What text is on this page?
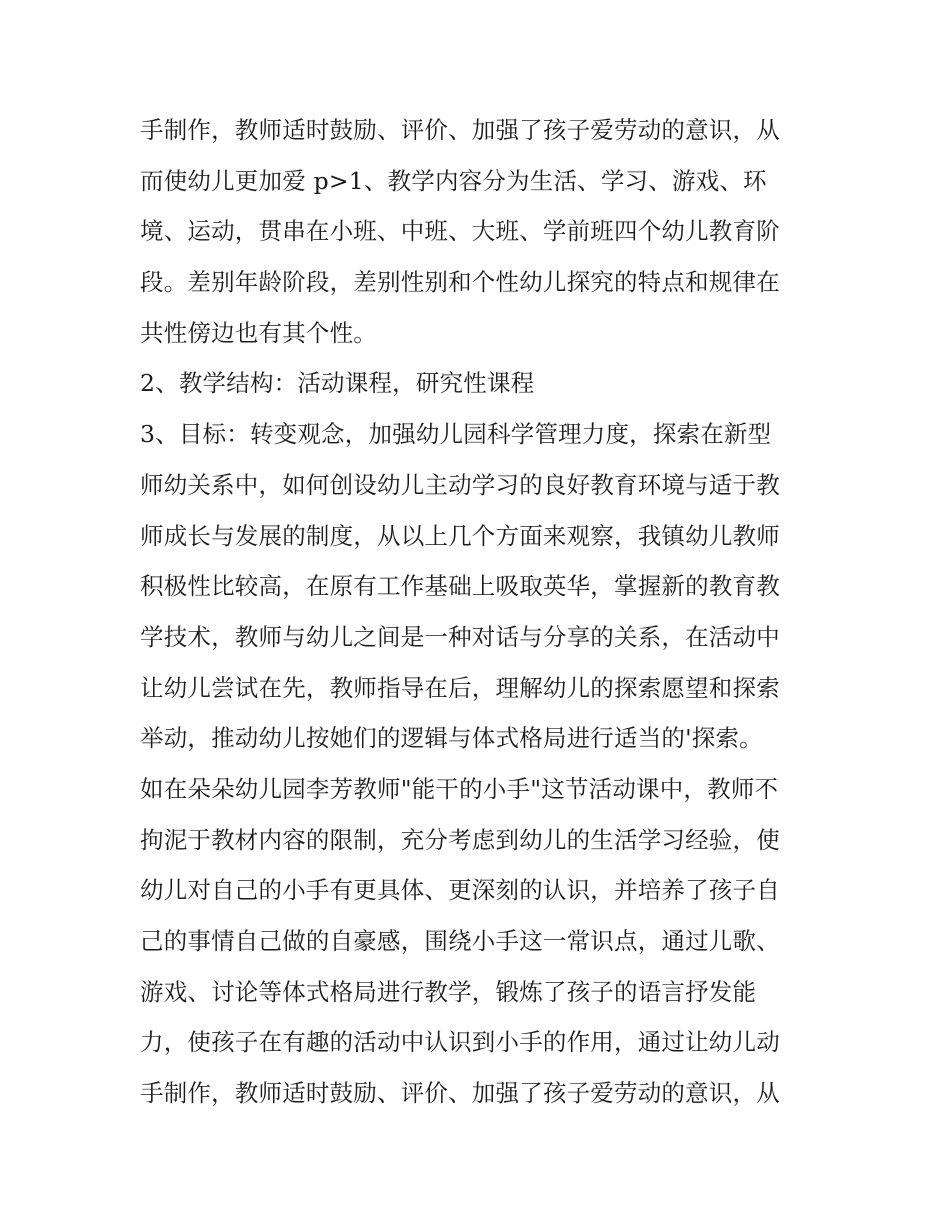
手制作，教师适时鼓励、评价、加强了孩子爱劳动的意识，从
而使幼儿更加爱 p>1、教学内容分为生活、学习、游戏、环
境、运动，贯串在小班、中班、大班、学前班四个幼儿教育阶
段。差别年龄阶段，差别性别和个性幼儿探究的特点和规律在
共性傍边也有其个性。
2、教学结构：活动课程，研究性课程
3、目标：转变观念，加强幼儿园科学管理力度，探索在新型
师幼关系中，如何创设幼儿主动学习的良好教育环境与适于教
师成长与发展的制度，从以上几个方面来观察，我镇幼儿教师
积极性比较高，在原有工作基础上吸取英华，掌握新的教育教
学技术，教师与幼儿之间是一种对话与分享的关系，在活动中
让幼儿尝试在先，教师指导在后，理解幼儿的探索愿望和探索
举动，推动幼儿按她们的逻辑与体式格局进行适当的'探索。
如在朵朵幼儿园李芳教师"能干的小手"这节活动课中，教师不
拘泥于教材内容的限制，充分考虑到幼儿的生活学习经验，使
幼儿对自己的小手有更具体、更深刻的认识，并培养了孩子自
己的事情自己做的自豪感，围绕小手这一常识点，通过儿歌、
游戏、讨论等体式格局进行教学，锻炼了孩子的语言抒发能
力，使孩子在有趣的活动中认识到小手的作用，通过让幼儿动
手制作，教师适时鼓励、评价、加强了孩子爱劳动的意识，从
